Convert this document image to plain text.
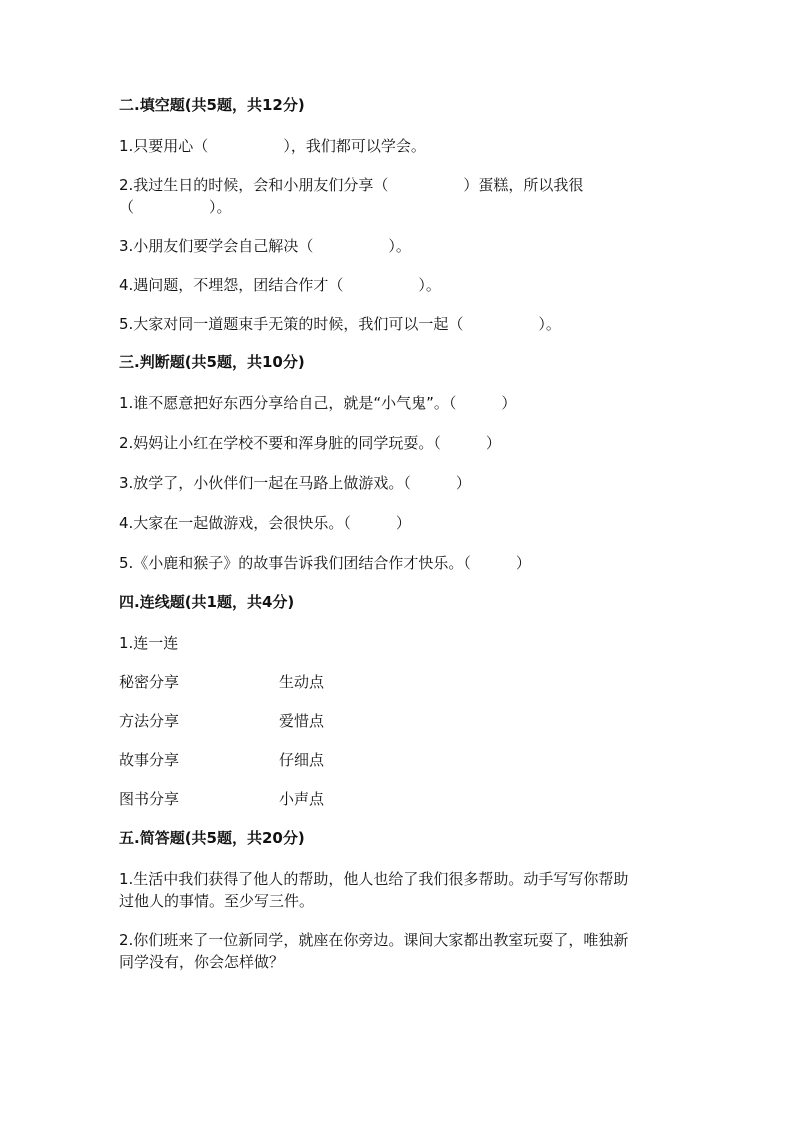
二.填空题(共5题，共12分)
1.只要用心（　　　　　），我们都可以学会。
2.我过生日的时候，会和小朋友们分享（　　　　　）蛋糕，所以我很
（　　　　　）。
3.小朋友们要学会自己解决（　　　　　）。
4.遇问题，不埋怨，团结合作才（　　　　　）。
5.大家对同一道题束手无策的时候，我们可以一起（　　　　　）。
三.判断题(共5题，共10分)
1.谁不愿意把好东西分享给自己，就是“小气鬼”。（　　　）
2.妈妈让小红在学校不要和浑身脏的同学玩耍。（　　　）
3.放学了，小伙伴们一起在马路上做游戏。（　　　）
4.大家在一起做游戏，会很快乐。（　　　）
5.《小鹿和猴子》的故事告诉我们团结合作才快乐。（　　　）
四.连线题(共1题，共4分)
1.连一连
秘密分享	生动点
方法分享	爱惜点
故事分享	仔细点
图书分享	小声点
五.简答题(共5题，共20分)
1.生活中我们获得了他人的帮助，他人也给了我们很多帮助。动手写写你帮助
过他人的事情。至少写三件。
2.你们班来了一位新同学，就座在你旁边。课间大家都出教室玩耍了，唯独新
同学没有，你会怎样做？
